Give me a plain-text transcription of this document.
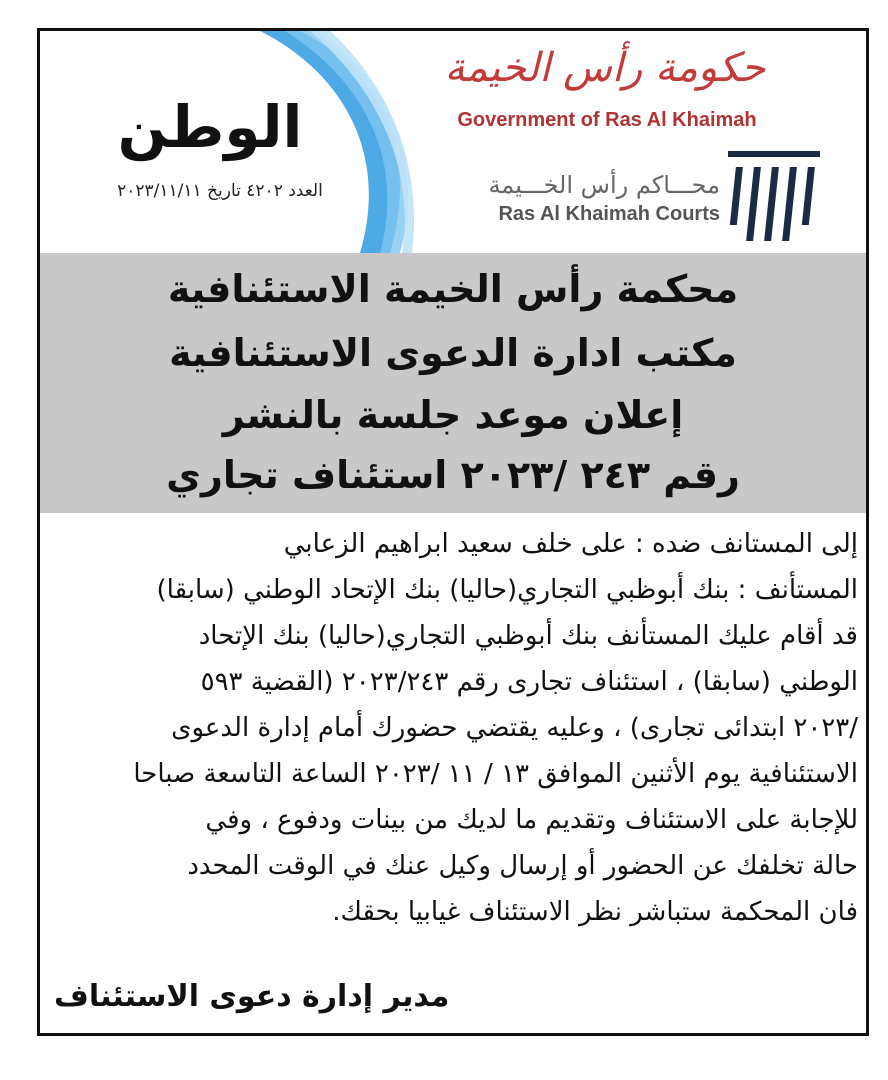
الوطن
العدد ٤٢٠٢ تاريخ ٢٠٢٣/١١/١١
حكومة رأس الخيمة
Government of Ras Al Khaimah
محـــاكم رأس الخـــيمة
Ras Al Khaimah Courts
محكمة رأس الخيمة الاستئنافية
مكتب ادارة الدعوى الاستئنافية
إعلان موعد جلسة بالنشر
رقم ٢٤٣ /٢٠٢٣ استئناف تجاري
إلى المستانف ضده : على خلف سعيد ابراهيم الزعابي
المستأنف : بنك أبوظبي التجاري(حاليا) بنك الإتحاد الوطني (سابقا)
قد أقام عليك المستأنف بنك أبوظبي التجاري(حاليا) بنك الإتحاد
الوطني (سابقا) ، استئناف تجارى رقم ٢٠٢٣/٢٤٣ (القضية ٥٩٣
/٢٠٢٣ ابتدائى تجارى) ، وعليه يقتضي حضورك أمام إدارة الدعوى
الاستئنافية يوم الأثنين الموافق ١٣ / ١١ /٢٠٢٣ الساعة التاسعة صباحا
للإجابة على الاستئناف وتقديم ما لديك من بينات ودفوع ، وفي
حالة تخلفك عن الحضور أو إرسال وكيل عنك في الوقت المحدد
فان المحكمة ستباشر نظر الاستئناف غيابيا بحقك.
مدير إدارة دعوى الاستئناف
